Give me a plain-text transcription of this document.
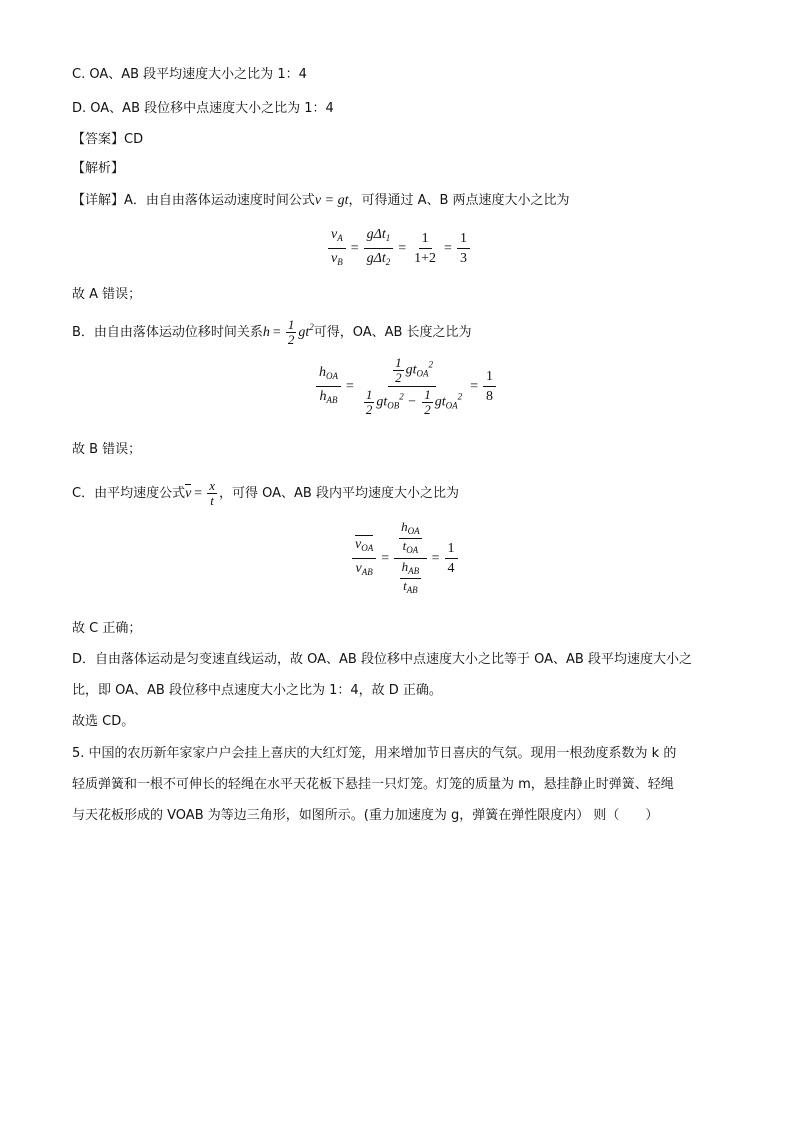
C. OA、AB 段平均速度大小之比为 1：4
D. OA、AB 段位移中点速度大小之比为 1：4
【答案】CD
【解析】
【详解】A．由自由落体运动速度时间公式v = gt，可得通过 A、B 两点速度大小之比为
$\frac{v_A}{v_B} = \frac{g\Delta t_1}{g\Delta t_2} = \frac{1}{1+2} = \frac{1}{3}$
故 A 错误；
B．由自由落体运动位移时间关系$h = \frac{1}{2} gt^2$可得，OA、AB 长度之比为
$\frac{h_{OA}}{h_{AB}} = \frac{\frac{1}{2} gt_{OA}^2}{\frac{1}{2} gt_{OB}^2 - \frac{1}{2} gt_{OA}^2} = \frac{1}{8}$
故 B 错误；
C．由平均速度公式$v = \frac{x}{t}$ ，可得 OA、AB 段内平均速度大小之比为
$\frac{v_{OA}}{v_{AB}} = \frac{\frac{h_{OA}}{t_{OA}}}{\frac{h_{AB}}{t_{AB}}} = \frac{1}{4}$
故 C 正确；
D．自由落体运动是匀变速直线运动，故 OA、AB 段位移中点速度大小之比等于 OA、AB 段平均速度大小之
比，即 OA、AB 段位移中点速度大小之比为 1：4，故 D 正确。
故选 CD。
5. 中国的农历新年家家户户会挂上喜庆的大红灯笼，用来增加节日喜庆的气氛。现用一根劲度系数为 k 的
轻质弹簧和一根不可伸长的轻绳在水平天花板下悬挂一只灯笼。灯笼的质量为 m，悬挂静止时弹簧、轻绳
与天花板形成的 VOAB 为等边三角形，如图所示。(重力加速度为 g，弹簧在弹性限度内） 则（　　）
